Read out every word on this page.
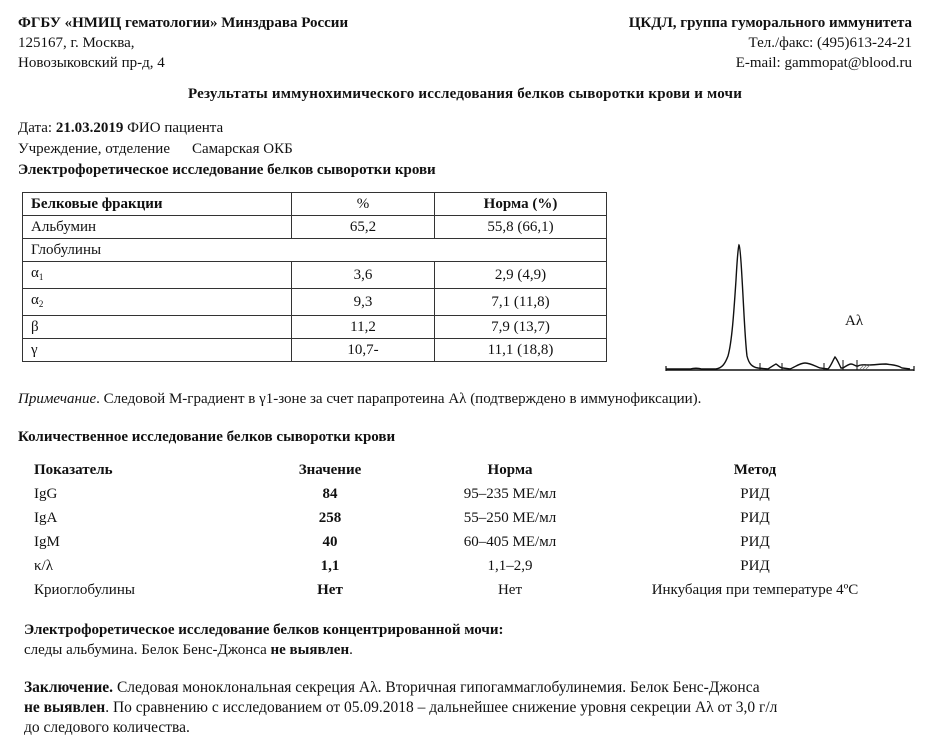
ФГБУ «НМИЦ гематологии» Минздрава России
125167, г. Москва,
Новозыковский пр-д, 4
ЦКДЛ, группа гуморального иммунитета
Тел./факс: (495)613-24-21
E-mail: gammopat@blood.ru
Результаты иммунохимического исследования белков сыворотки крови и мочи
Дата: 21.03.2019 ФИО пациента
Учреждение, отделение Самарская ОКБ
Электрофоретическое исследование белков сыворотки крови
Белковые фракции	%	Норма (%)
Альбумин	65,2	55,8 (66,1)
Глобулины		
$\alpha_1$	3,6	2,9 (4,9)
$\alpha_2$	9,3	7,1 (11,8)
β	11,2	7,9 (13,7)
γ	10,7-	11,1 (18,8)
Aλ
Примечание. Следовой М-градиент в γ1-зоне за счет парапротеина Aλ (подтверждено в иммунофиксации).
Количественное исследование белков сыворотки крови
Показатель	Значение	Норма	Метод
IgG	84	95–235 МЕ/мл	РИД
IgA	258	55–250 МЕ/мл	РИД
IgM	40	60–405 МЕ/мл	РИД
κ/λ	1,1	1,1–2,9	РИД
Криоглобулины	Нет	Нет	Инкубация при температуре 4ºC
Электрофоретическое исследование белков концентрированной мочи:
следы альбумина. Белок Бенс-Джонса не выявлен.
Заключение. Следовая моноклональная секреция Aλ. Вторичная гипогаммаглобулинемия. Белок Бенс-Джонса
не выявлен. По сравнению с исследованием от 05.09.2018 – дальнейшее снижение уровня секреции Aλ от 3,0 г/л
до следового количества.
